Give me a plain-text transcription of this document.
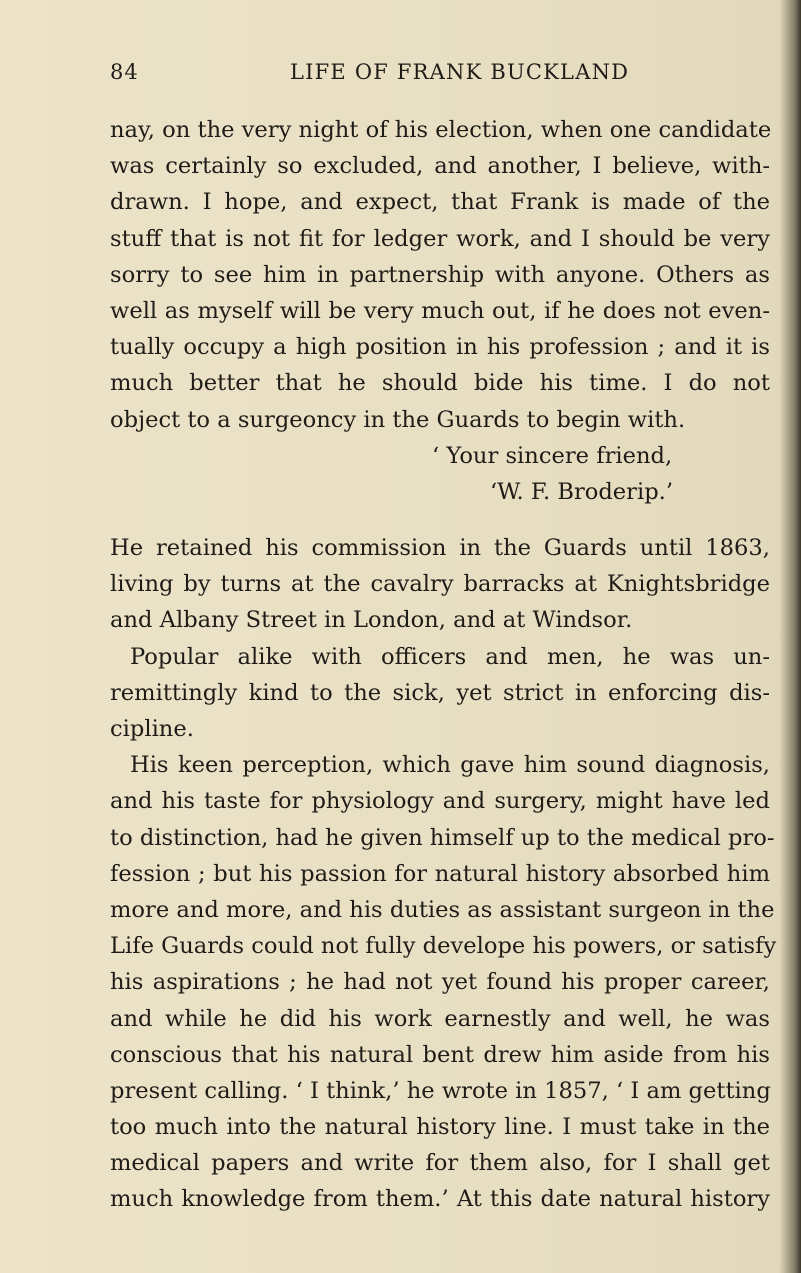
84	LIFE OF FRANK BUCKLAND
nay, on the very night of his election, when one candidate
was certainly so excluded, and another, I believe, with-
drawn. I hope, and expect, that Frank is made of the
stuff that is not fit for ledger work, and I should be very
sorry to see him in partnership with anyone. Others as
well as myself will be very much out, if he does not even-
tually occupy a high position in his profession ; and it is
much better that he should bide his time. I do not
object to a surgeoncy in the Guards to begin with.
‘ Your sincere friend,
‘W. F. Broderip.’
He retained his commission in the Guards until 1863,
living by turns at the cavalry barracks at Knightsbridge
and Albany Street in London, and at Windsor.
Popular alike with officers and men, he was un-
remittingly kind to the sick, yet strict in enforcing dis-
cipline.
His keen perception, which gave him sound diagnosis,
and his taste for physiology and surgery, might have led
to distinction, had he given himself up to the medical pro-
fession ; but his passion for natural history absorbed him
more and more, and his duties as assistant surgeon in the
Life Guards could not fully develope his powers, or satisfy
his aspirations ; he had not yet found his proper career,
and while he did his work earnestly and well, he was
conscious that his natural bent drew him aside from his
present calling. ‘ I think,’ he wrote in 1857, ‘ I am getting
too much into the natural history line. I must take in the
medical papers and write for them also, for I shall get
much knowledge from them.’ At this date natural history
